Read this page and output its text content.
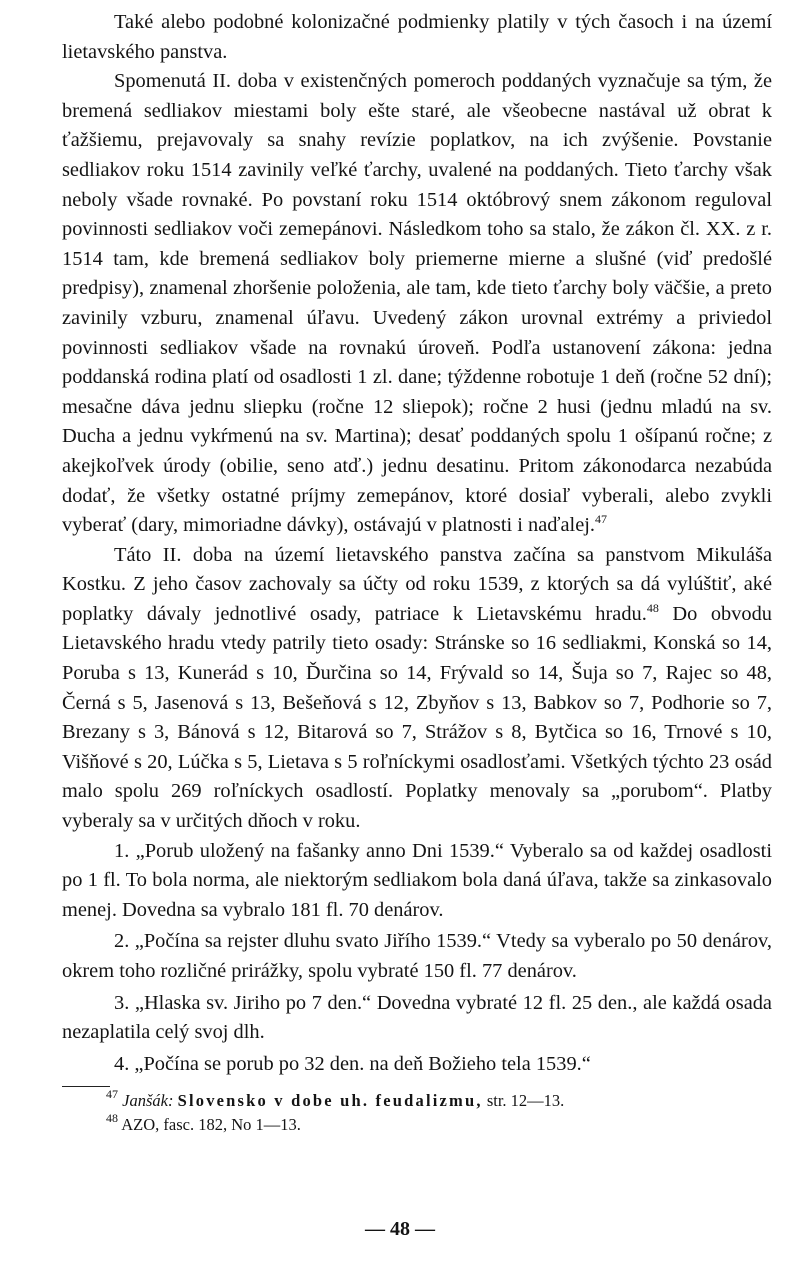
Také alebo podobné kolonizačné podmienky platily v tých časoch i na území lietavského panstva.

Spomenutá II. doba v existenčných pomeroch poddaných vyznačuje sa tým, že bremená sedliakov miestami boly ešte staré, ale všeobecne nastával už obrat k ťažšiemu, prejavovaly sa snahy revízie poplatkov, na ich zvýšenie. Povstanie sedliakov roku 1514 zavinily veľké ťarchy, uvalené na poddaných. Tieto ťarchy však neboly všade rovnaké. Po povstaní roku 1514 októbrový snem zákonom reguloval povinnosti sedliakov voči zemepánovi. Následkom toho sa stalo, že zákon čl. XX. z r. 1514 tam, kde bremená sedliakov boly priemerne mierne a slušné (viď predošlé predpisy), znamenal zhoršenie položenia, ale tam, kde tieto ťarchy boly väčšie, a preto zavinily vzburu, znamenal úľavu. Uvedený zákon urovnal extrémy a priviedol povinnosti sedliakov všade na rovnakú úroveň. Podľa ustanovení zákona: jedna poddanská rodina platí od osadlosti 1 zl. dane; týždenne robotuje 1 deň (ročne 52 dní); mesačne dáva jednu sliepku (ročne 12 sliepok); ročne 2 husi (jednu mladú na sv. Ducha a jednu vykŕmenú na sv. Martina); desať poddaných spolu 1 ošípanú ročne; z akejkoľvek úrody (obilie, seno atď.) jednu desatinu. Pritom zákonodarca nezabúda dodať, že všetky ostatné príjmy zemepánov, ktoré dosiaľ vyberali, alebo zvykli vyberať (dary, mimoriadne dávky), ostávajú v platnosti i naďalej.$^{47}$

Táto II. doba na území lietavského panstva začína sa panstvom Mikuláša Kostku. Z jeho časov zachovaly sa účty od roku 1539, z ktorých sa dá vylúštiť, aké poplatky dávaly jednotlivé osady, patriace k Lietavskému hradu.$^{48}$ Do obvodu Lietavského hradu vtedy patrily tieto osady: Stránske so 16 sedliakmi, Konská so 14, Poruba s 13, Kunerád s 10, Ďurčina so 14, Frývald so 14, Šuja so 7, Rajec so 48, Černá s 5, Jasenová s 13, Bešeňová s 12, Zbyňov s 13, Babkov so 7, Podhorie so 7, Brezany s 3, Bánová s 12, Bitarová so 7, Strážov s 8, Bytčica so 16, Trnové s 10, Višňové s 20, Lúčka s 5, Lietava s 5 roľníckymi osadlosťami. Všetkých týchto 23 osád malo spolu 269 roľníckych osadlostí. Poplatky menovaly sa „porubom“. Platby vyberaly sa v určitých dňoch v roku.

1. „Porub uložený na fašanky anno Dni 1539.“ Vyberalo sa od každej osadlosti po 1 fl. To bola norma, ale niektorým sedliakom bola daná úľava, takže sa zinkasovalo menej. Dovedna sa vybralo 181 fl. 70 denárov.

2. „Počína sa rejster dluhu svato Jiřího 1539.“ Vtedy sa vyberalo po 50 denárov, okrem toho rozličné prirážky, spolu vybraté 150 fl. 77 denárov.

3. „Hlaska sv. Jiriho po 7 den.“ Dovedna vybraté 12 fl. 25 den., ale každá osada nezaplatila celý svoj dlh.

4. „Počína se porub po 32 den. na deň Božieho tela 1539.“

$^{47}$ Janšák: Slovensko v dobe uh. feudalizmu, str. 12—13.

$^{48}$ AZO, fasc. 182, No 1—13.

— 48 —
